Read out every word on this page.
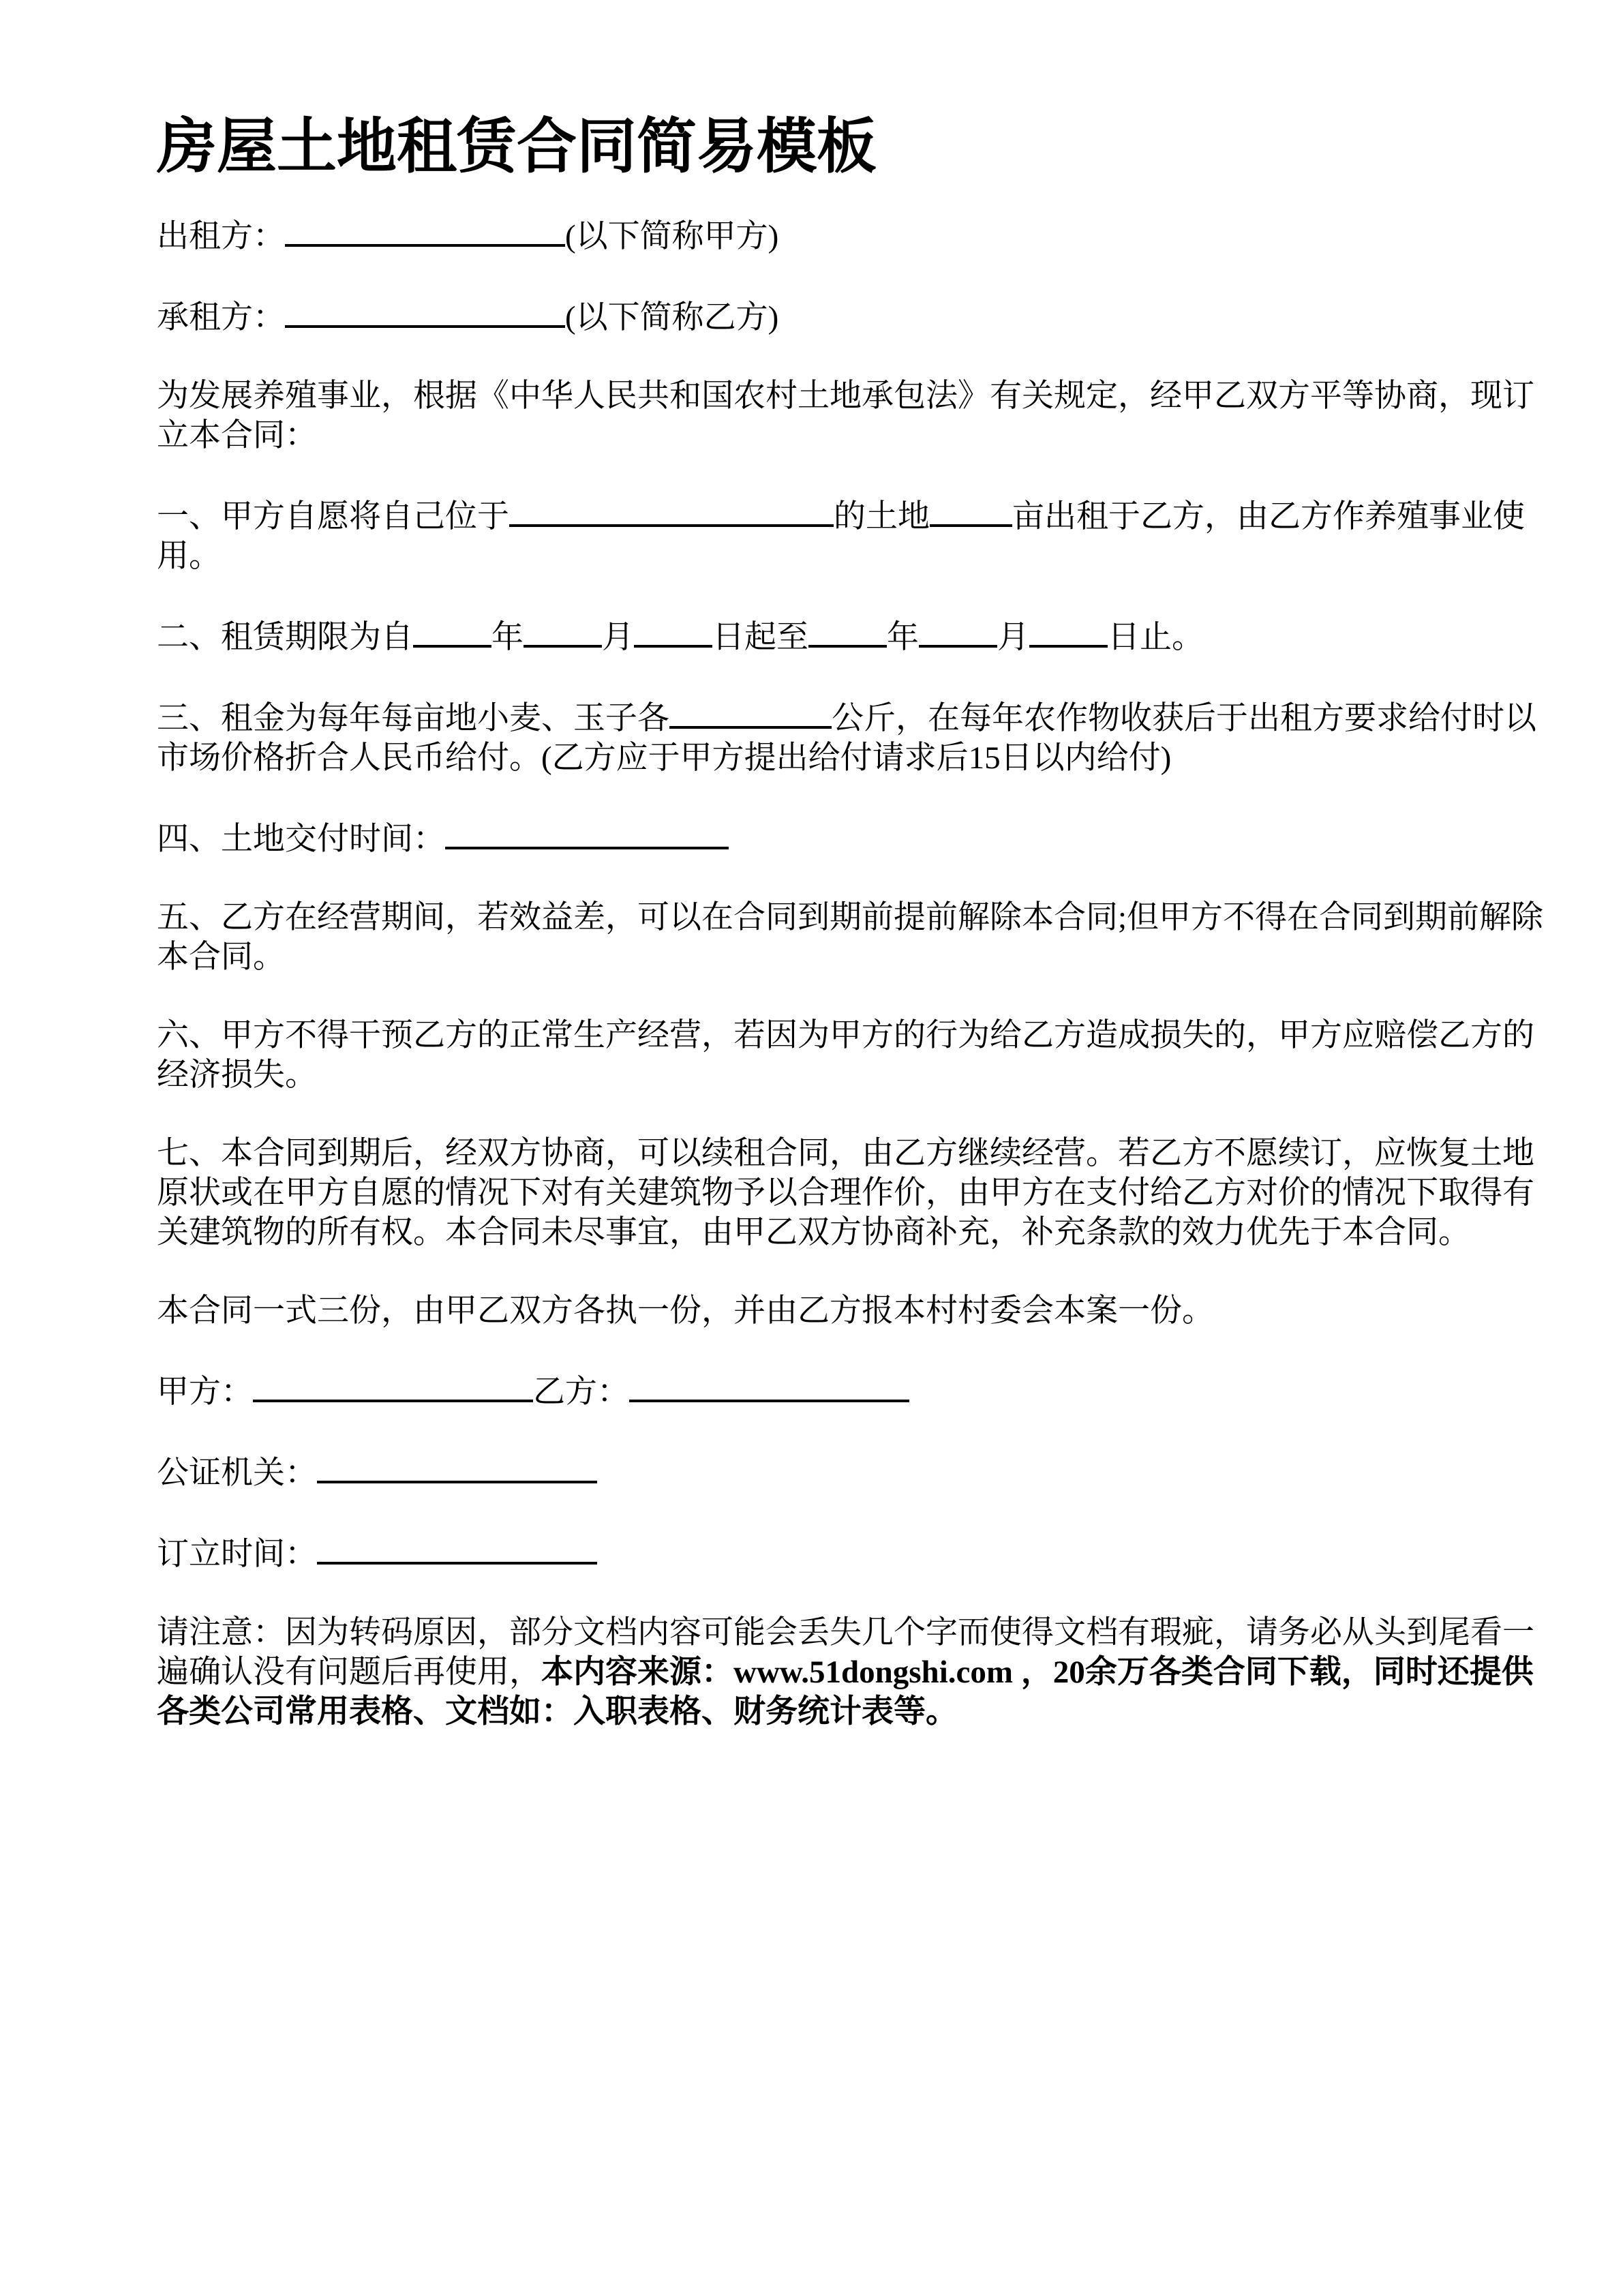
房屋土地租赁合同简易模板

出租方：	(以下简称甲方)

承租方：	(以下简称乙方)

为发展养殖事业，根据《中华人民共和国农村土地承包法》有关规定，经甲乙双方平等协商，现订立本合同：

一、甲方自愿将自己位于	的土地	亩出租于乙方，由乙方作养殖事业使用。

二、租赁期限为自 年 月 日起至 年 月 日止。

三、租金为每年每亩地小麦、玉子各	公斤，在每年农作物收获后于出租方要求给付时以市场价格折合人民币给付。(乙方应于甲方提出给付请求后15日以内给付)

四、土地交付时间：

五、乙方在经营期间，若效益差，可以在合同到期前提前解除本合同;但甲方不得在合同到期前解除本合同。

六、甲方不得干预乙方的正常生产经营，若因为甲方的行为给乙方造成损失的，甲方应赔偿乙方的经济损失。

七、本合同到期后，经双方协商，可以续租合同，由乙方继续经营。若乙方不愿续订，应恢复土地原状或在甲方自愿的情况下对有关建筑物予以合理作价，由甲方在支付给乙方对价的情况下取得有关建筑物的所有权。本合同未尽事宜，由甲乙双方协商补充，补充条款的效力优先于本合同。

本合同一式三份，由甲乙双方各执一份，并由乙方报本村村委会本案一份。

甲方：	乙方：

公证机关：

订立时间：

请注意：因为转码原因，部分文档内容可能会丢失几个字而使得文档有瑕疵，请务必从头到尾看一遍确认没有问题后再使用，本内容来源：www.51dongshi.com ，20余万各类合同下载，同时还提供各类公司常用表格、文档如：入职表格、财务统计表等。
